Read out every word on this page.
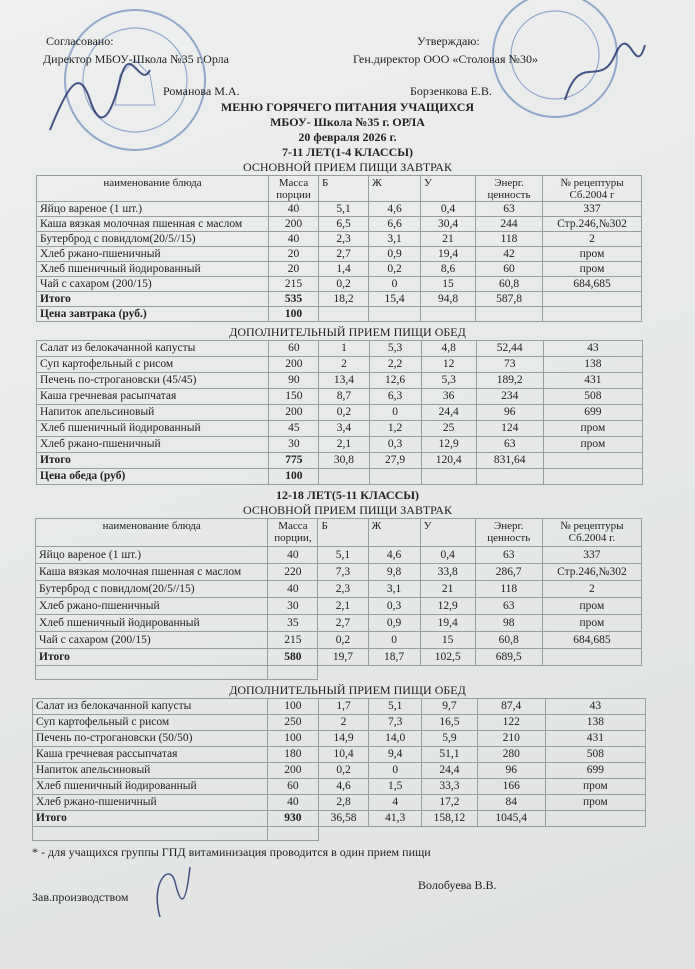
Согласовано:
Директор МБОУ-Школа №35 г.Орла
Романова М.А.
Утверждаю:
Ген.директор ООО «Столовая №30»
Борзенкова Е.В.
МЕНЮ ГОРЯЧЕГО ПИТАНИЯ УЧАЩИХСЯ
МБОУ- Школа №35 г. ОРЛА
20 февраля 2026 г.
7-11 ЛЕТ(1-4 КЛАССЫ)
ОСНОВНОЙ ПРИЕМ ПИЩИ ЗАВТРАК
наименование блюда	Масса порции	Б	Ж	У	Энерг. ценность	№ рецептуры Сб.2004 г
Яйцо вареное (1 шт.)	40	5,1	4,6	0,4	63	337
Каша вязкая молочная пшенная с маслом	200	6,5	6,6	30,4	244	Стр.246,№302
Бутерброд с повидлом(20/5//15)	40	2,3	3,1	21	118	2
Хлеб ржано-пшеничный	20	2,7	0,9	19,4	42	пром
Хлеб пшеничный йодированный	20	1,4	0,2	8,6	60	пром
Чай с сахаром (200/15)	215	0,2	0	15	60,8	684,685
Итого	535	18,2	15,4	94,8	587,8	
Цена завтрака (руб.)	100					
ДОПОЛНИТЕЛЬНЫЙ ПРИЕМ ПИЩИ ОБЕД
Салат из белокачанной капусты	60	1	5,3	4,8	52,44	43
Суп картофельный с рисом	200	2	2,2	12	73	138
Печень по-строгановски (45/45)	90	13,4	12,6	5,3	189,2	431
Каша гречневая расыпчатая	150	8,7	6,3	36	234	508
Напиток апельсиновый	200	0,2	0	24,4	96	699
Хлеб пшеничный йодированный	45	3,4	1,2	25	124	пром
Хлеб ржано-пшеничный	30	2,1	0,3	12,9	63	пром
Итого	775	30,8	27,9	120,4	831,64	
Цена обеда (руб)	100					
12-18 ЛЕТ(5-11 КЛАССЫ)
ОСНОВНОЙ ПРИЕМ ПИЩИ ЗАВТРАК
наименование блюда	Масса порции,	Б	Ж	У	Энерг. ценность	№ рецептуры Сб.2004 г.
Яйцо вареное (1 шт.)	40	5,1	4,6	0,4	63	337
Каша вязкая молочная пшенная с маслом	220	7,3	9,8	33,8	286,7	Стр.246,№302
Бутерброд с повидлом(20/5//15)	40	2,3	3,1	21	118	2
Хлеб ржано-пшеничный	30	2,1	0,3	12,9	63	пром
Хлеб пшеничный йодированный	35	2,7	0,9	19,4	98	пром
Чай с сахаром (200/15)	215	0,2	0	15	60,8	684,685
Итого	580	19,7	18,7	102,5	689,5	

ДОПОЛНИТЕЛЬНЫЙ ПРИЕМ ПИЩИ ОБЕД
Салат из белокачанной капусты	100	1,7	5,1	9,7	87,4	43
Суп картофельный с рисом	250	2	7,3	16,5	122	138
Печень по-строгановски (50/50)	100	14,9	14,0	5,9	210	431
Каша гречневая рассыпчатая	180	10,4	9,4	51,1	280	508
Напиток апельсиновый	200	0,2	0	24,4	96	699
Хлеб пшеничный йодированный	60	4,6	1,5	33,3	166	пром
Хлеб ржано-пшеничный	40	2,8	4	17,2	84	пром
Итого	930	36,58	41,3	158,12	1045,4	

* - для учащихся группы ГПД витаминизация проводится в один прием пищи
Волобуева В.В.
Зав.производством
